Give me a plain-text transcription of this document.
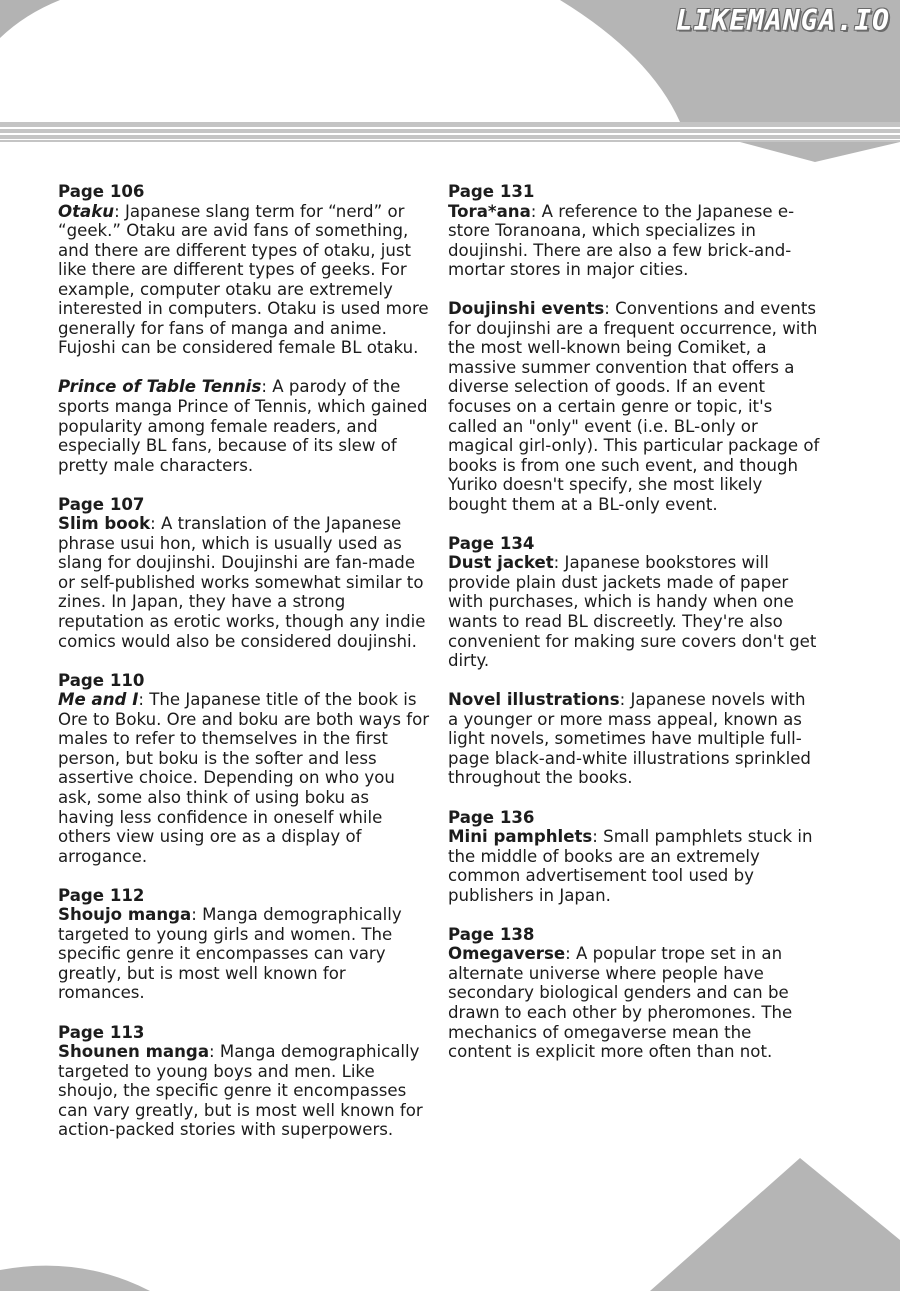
LIKEMANGA.IO

Page 106
Otaku: Japanese slang term for “nerd” or “geek.” Otaku are avid fans of something, and there are different types of otaku, just like there are different types of geeks. For example, computer otaku are extremely interested in computers. Otaku is used more generally for fans of manga and anime. Fujoshi can be considered female BL otaku.

Prince of Table Tennis: A parody of the sports manga Prince of Tennis, which gained popularity among female readers, and especially BL fans, because of its slew of pretty male characters.

Page 107
Slim book: A translation of the Japanese phrase usui hon, which is usually used as slang for doujinshi. Doujinshi are fan-made or self-published works somewhat similar to zines. In Japan, they have a strong reputation as erotic works, though any indie comics would also be considered doujinshi.

Page 110
Me and I: The Japanese title of the book is Ore to Boku. Ore and boku are both ways for males to refer to themselves in the first person, but boku is the softer and less assertive choice. Depending on who you ask, some also think of using boku as having less confidence in oneself while others view using ore as a display of arrogance.

Page 112
Shoujo manga: Manga demographically targeted to young girls and women. The specific genre it encompasses can vary greatly, but is most well known for romances.

Page 113
Shounen manga: Manga demographically targeted to young boys and men. Like shoujo, the specific genre it encompasses can vary greatly, but is most well known for action-packed stories with superpowers.

Page 131
Tora*ana: A reference to the Japanese e-store Toranoana, which specializes in doujinshi. There are also a few brick-and-mortar stores in major cities.

Doujinshi events: Conventions and events for doujinshi are a frequent occurrence, with the most well-known being Comiket, a massive summer convention that offers a diverse selection of goods. If an event focuses on a certain genre or topic, it's called an "only" event (i.e. BL-only or magical girl-only). This particular package of books is from one such event, and though Yuriko doesn't specify, she most likely bought them at a BL-only event.

Page 134
Dust jacket: Japanese bookstores will provide plain dust jackets made of paper with purchases, which is handy when one wants to read BL discreetly. They're also convenient for making sure covers don't get dirty.

Novel illustrations: Japanese novels with a younger or more mass appeal, known as light novels, sometimes have multiple full-page black-and-white illustrations sprinkled throughout the books.

Page 136
Mini pamphlets: Small pamphlets stuck in the middle of books are an extremely common advertisement tool used by publishers in Japan.

Page 138
Omegaverse: A popular trope set in an alternate universe where people have secondary biological genders and can be drawn to each other by pheromones. The mechanics of omegaverse mean the content is explicit more often than not.
